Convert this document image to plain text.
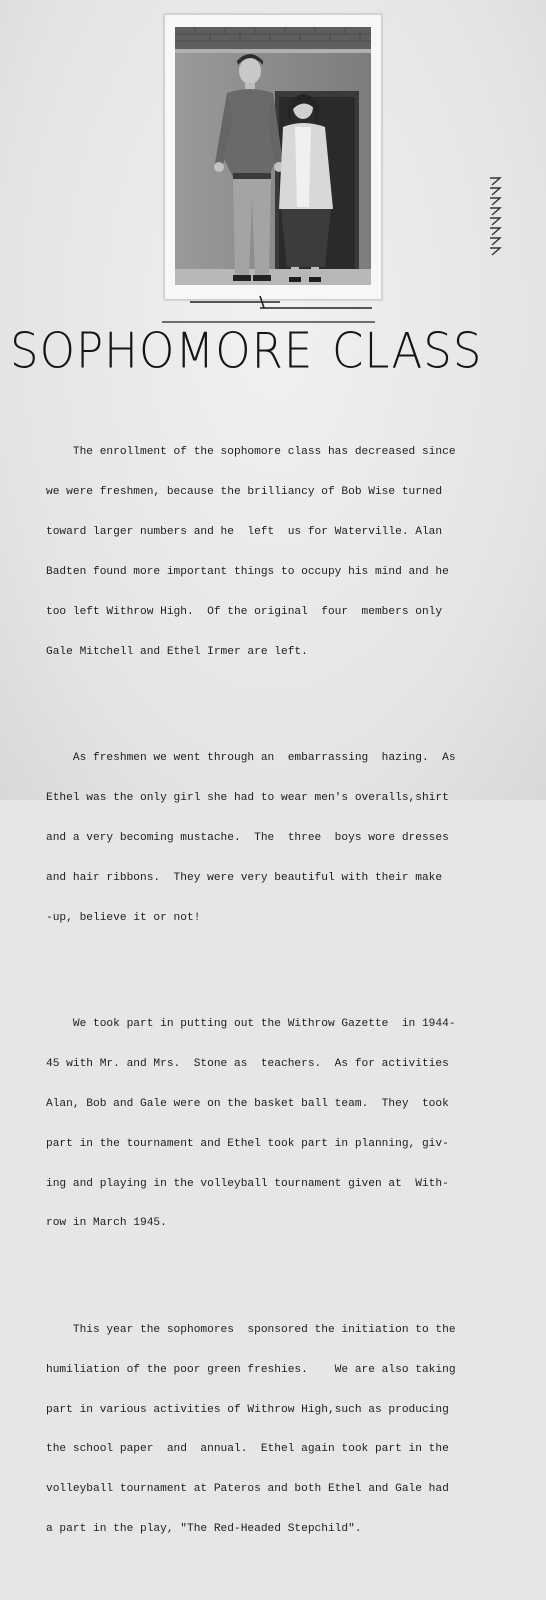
SOPHOMORE CLASS

The enrollment of the sophomore class has decreased since

we were freshmen, because the brilliancy of Bob Wise turned

toward larger numbers and he  left  us for Waterville. Alan

Badten found more important things to occupy his mind and he

too left Withrow High.  Of the original  four  members only

Gale Mitchell and Ethel Irmer are left.

As freshmen we went through an  embarrassing  hazing.  As

Ethel was the only girl she had to wear men's overalls,shirt

and a very becoming mustache.  The  three  boys wore dresses

and hair ribbons.  They were very beautiful with their make

-up, believe it or not!

We took part in putting out the Withrow Gazette  in 1944-

45 with Mr. and Mrs.  Stone as  teachers.  As for activities

Alan, Bob and Gale were on the basket ball team.  They  took

part in the tournament and Ethel took part in planning, giv-

ing and playing in the volleyball tournament given at  With-

row in March 1945.

This year the sophomores  sponsored the initiation to the

humiliation of the poor green freshies.    We are also taking

part in various activities of Withrow High,such as producing

the school paper  and  annual.  Ethel again took part in the

volleyball tournament at Pateros and both Ethel and Gale had

a part in the play, "The Red-Headed Stepchild".
